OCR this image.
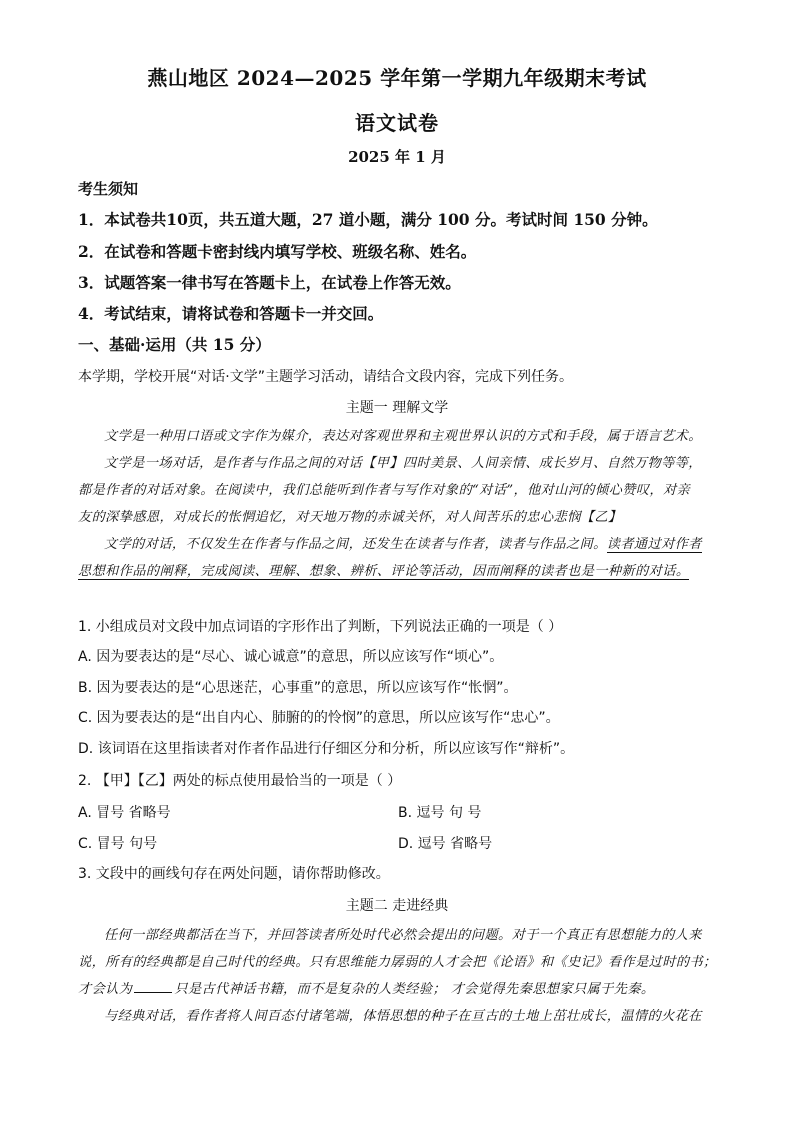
燕山地区 2024—2025 学年第一学期九年级期末考试
语文试卷
2025 年 1 月
考生须知
1．本试卷共10页，共五道大题，27 道小题，满分 100 分。考试时间 150 分钟。
2．在试卷和答题卡密封线内填写学校、班级名称、姓名。
3．试题答案一律书写在答题卡上，在试卷上作答无效。
4．考试结束，请将试卷和答题卡一并交回。
一、基础·运用（共 15 分）
本学期，学校开展“对话·文学”主题学习活动，请结合文段内容，完成下列任务。
主题一 理解文学
文学是一种用口语或文字作为媒介，表达对客观世界和主观世界认识的方式和手段，属于语言艺术。
文学是一场对话，是作者与作品之间的对话【甲】四时美景、人间亲情、成长岁月、自然万物等等，
都是作者的对话对象。在阅读中，我们总能听到作者与写作对象的“对话”，他对山河的倾心赞叹，对亲
友的深挚感恩，对成长的怅惘追忆，对天地万物的赤诚关怀，对人间苦乐的忠心悲悯【乙】
文学的对话，不仅发生在作者与作品之间，还发生在读者与作者，读者与作品之间。读者通过对作者
思想和作品的阐释，完成阅读、理解、想象、辨析、评论等活动，因而阐释的读者也是一种新的对话。
1. 小组成员对文段中加点词语的字形作出了判断，下列说法正确的一项是（ ）
A. 因为要表达的是“尽心、诚心诚意”的意思，所以应该写作“顷心”。
B. 因为要表达的是“心思迷茫，心事重”的意思，所以应该写作“怅惘”。
C. 因为要表达的是“出自内心、肺腑的的怜悯”的意思，所以应该写作“忠心”。
D. 该词语在这里指读者对作者作品进行仔细区分和分析，所以应该写作“辩析”。
2. 【甲】【乙】两处的标点使用最恰当的一项是（ ）
A. 冒号 省略号	B. 逗号 句 号
C. 冒号 句号	D. 逗号 省略号
3. 文段中的画线句存在两处问题，请你帮助修改。
主题二 走进经典
任何一部经典都活在当下，并回答读者所处时代必然会提出的问题。对于一个真正有思想能力的人来
说，所有的经典都是自己时代的经典。只有思维能力孱弱的人才会把《论语》和《史记》看作是过时的书；
才会认为	只是古代神话书籍，而不是复杂的人类经验； 才会觉得先秦思想家只属于先秦。
与经典对话，看作者将人间百态付诸笔端，体悟思想的种子在亘古的土地上茁壮成长，温情的火花在
